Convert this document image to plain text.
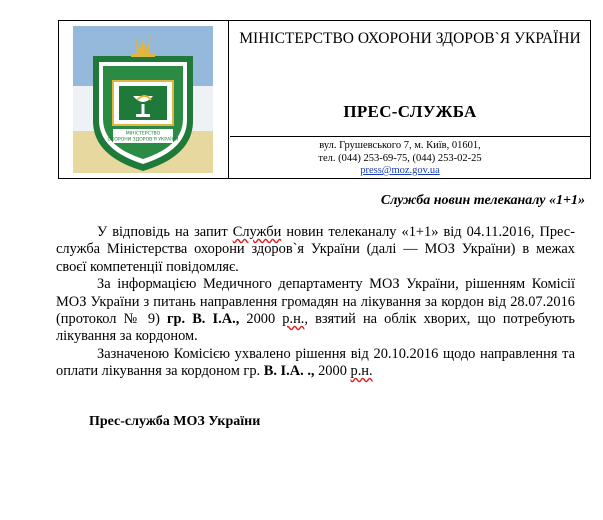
МІНІСТЕРСТВО
ОХОРОНИ ЗДОРОВ'Я УКРАЇНИ
МІНІСТЕРСТВО ОХОРОНИ ЗДОРОВ`Я УКРАЇНИ
ПРЕС-СЛУЖБА
вул. Грушевського 7, м. Київ, 01601,
тел. (044) 253-69-75, (044) 253-02-25
press@moz.gov.ua
Служба новин телеканалу «1+1»

У відповідь на запит Служби новин телеканалу «1+1» від 04.11.2016, Прес-служба Міністерства охорони здоров`я України (далі — МОЗ України) в межах своєї компетенції повідомляє.

За інформацією Медичного департаменту МОЗ України, рішенням Комісії МОЗ України з питань направлення громадян на лікування за кордон від 28.07.2016 (протокол № 9) гр. В. І.А., 2000 р.н., взятий на облік хворих, що потребують лікування за кордоном.

Зазначеною Комісією ухвалено рішення від 20.10.2016 щодо направлення та оплати лікування за кордоном гр. В. І.А. ., 2000 р.н.

Прес-служба МОЗ України
